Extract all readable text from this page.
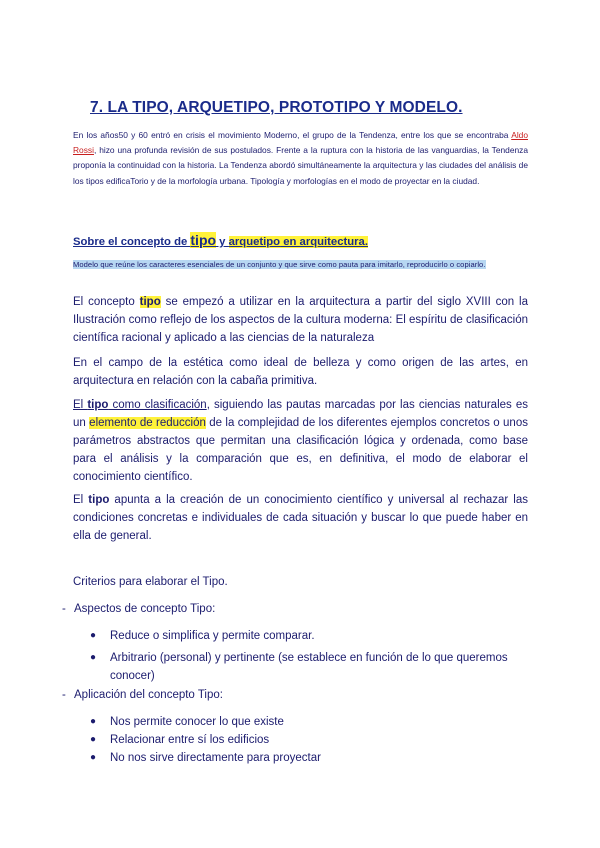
7. LA TIPO, ARQUETIPO, PROTOTIPO Y MODELO.

En los años50 y 60 entró en crisis el movimiento Moderno, el grupo de la Tendenza, entre los que se encontraba Aldo Rossi, hizo una profunda revisión de sus postulados. Frente a la ruptura con la historia de las vanguardias, la Tendenza proponía la continuidad con la historia. La Tendenza abordó simultáneamente la arquitectura y las ciudades del análisis de los tipos edificaTorio y de la morfología urbana. Tipología y morfologías en el modo de proyectar en la ciudad.

Sobre el concepto de tipo y arquetipo en arquitectura.

Modelo que reúne los caracteres esenciales de un conjunto y que sirve como pauta para imitarlo, reproducirlo o copiarlo.

El concepto tipo se empezó a utilizar en la arquitectura a partir del siglo XVIII con la Ilustración como reflejo de los aspectos de la cultura moderna: El espíritu de clasificación científica racional y aplicado a las ciencias de la naturaleza

En el campo de la estética como ideal de belleza y como origen de las artes, en arquitectura en relación con la cabaña primitiva.

El tipo como clasificación, siguiendo las pautas marcadas por las ciencias naturales es un elemento de reducción de la complejidad de los diferentes ejemplos concretos o unos parámetros abstractos que permitan una clasificación lógica y ordenada, como base para el análisis y la comparación que es, en definitiva, el modo de elaborar el conocimiento científico.

El tipo apunta a la creación de un conocimiento científico y universal al rechazar las condiciones concretas e individuales de cada situación y buscar lo que puede haber en ella de general.

Criterios para elaborar el Tipo.

- Aspectos de concepto Tipo:

● Reduce o simplifica y permite comparar.
● Arbitrario (personal) y pertinente (se establece en función de lo que queremos conocer)

- Aplicación del concepto Tipo:

● Nos permite conocer lo que existe
● Relacionar entre sí los edificios
● No nos sirve directamente para proyectar
